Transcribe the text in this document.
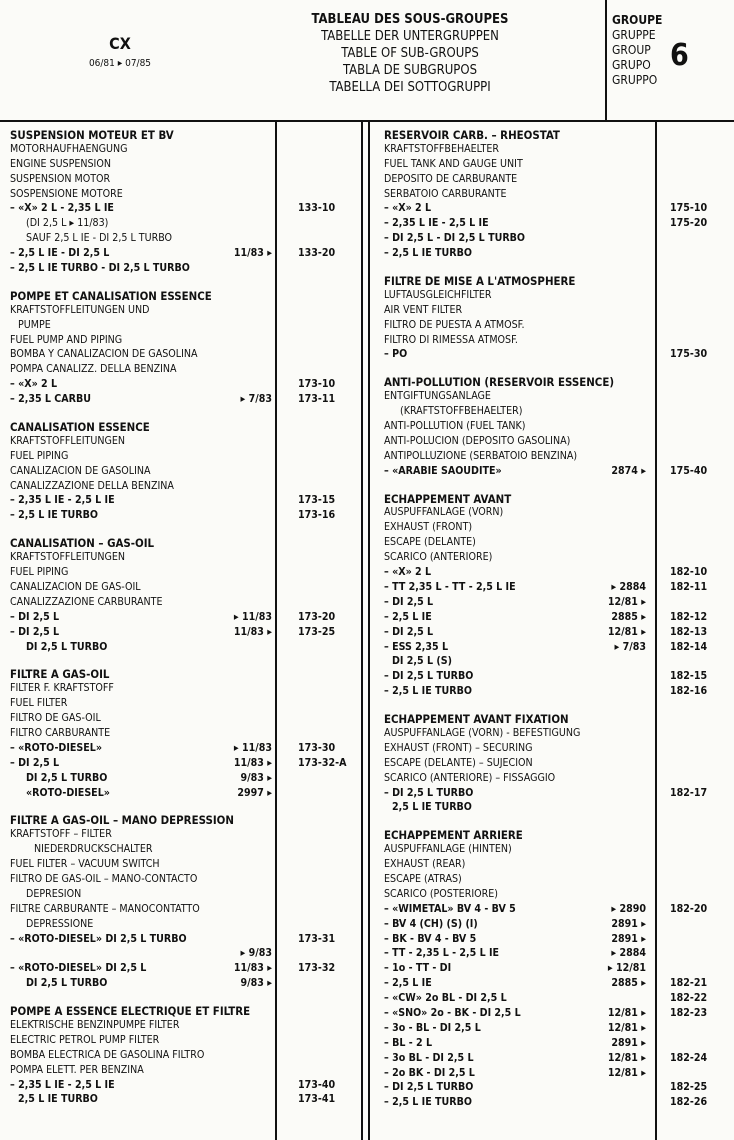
CX
06/81 ▸ 07/85
TABLEAU DES SOUS-GROUPES
TABELLE DER UNTERGRUPPEN
TABLE OF SUB-GROUPS
TABLA DE SUBGRUPOS
TABELLA DEI SOTTOGRUPPI
GROUPE
GRUPPE
GROUP
GRUPO
GRUPPO
6
SUSPENSION MOTEUR ET BV
MOTORHAUFHAENGUNG
ENGINE SUSPENSION
SUSPENSION MOTOR
SOSPENSIONE MOTORE
– «X» 2 L - 2,35 L IE	133-10
(DI 2,5 L ▸ 11/83)
SAUF 2,5 L IE - DI 2,5 L TURBO
– 2,5 L IE - DI 2,5 L	11/83 ▸ 133-20
– 2,5 L IE TURBO - DI 2,5 L TURBO
POMPE ET CANALISATION ESSENCE
KRAFTSTOFFLEITUNGEN UND
PUMPE
FUEL PUMP AND PIPING
BOMBA Y CANALIZACION DE GASOLINA
POMPA CANALIZZ. DELLA BENZINA
– «X» 2 L	173-10
– 2,35 L CARBU	▸ 7/83 173-11
CANALISATION ESSENCE
KRAFTSTOFFLEITUNGEN
FUEL PIPING
CANALIZACION DE GASOLINA
CANALIZZAZIONE DELLA BENZINA
– 2,35 L IE - 2,5 L IE	173-15
– 2,5 L IE TURBO	173-16
CANALISATION – GAS-OIL
KRAFTSTOFFLEITUNGEN
FUEL PIPING
CANALIZACION DE GAS-OIL
CANALIZZAZIONE CARBURANTE
– DI 2,5 L	▸ 11/83 173-20
– DI 2,5 L	11/83 ▸ 173-25
DI 2,5 L TURBO
FILTRE A GAS-OIL
FILTER F. KRAFTSTOFF
FUEL FILTER
FILTRO DE GAS-OIL
FILTRO CARBURANTE
– «ROTO-DIESEL»	▸ 11/83 173-30
– DI 2,5 L	11/83 ▸ 173-32-A
DI 2,5 L TURBO	9/83 ▸
«ROTO-DIESEL»	2997 ▸
FILTRE A GAS-OIL – MANO DEPRESSION
KRAFTSTOFF – FILTER
NIEDERDRUCKSCHALTER
FUEL FILTER – VACUUM SWITCH
FILTRO DE GAS-OIL – MANO-CONTACTO
DEPRESION
FILTRE CARBURANTE – MANOCONTATTO
DEPRESSIONE
– «ROTO-DIESEL» DI 2,5 L TURBO	173-31
▸ 9/83
– «ROTO-DIESEL» DI 2,5 L	11/83 ▸ 173-32
DI 2,5 L TURBO	9/83 ▸
POMPE A ESSENCE ELECTRIQUE ET FILTRE
ELEKTRISCHE BENZINPUMPE FILTER
ELECTRIC PETROL PUMP FILTER
BOMBA ELECTRICA DE GASOLINA FILTRO
POMPA ELETT. PER BENZINA
– 2,35 L IE - 2,5 L IE	173-40
2,5 L IE TURBO	173-41
RESERVOIR CARB. – RHEOSTAT
KRAFTSTOFFBEHAELTER
FUEL TANK AND GAUGE UNIT
DEPOSITO DE CARBURANTE
SERBATOIO CARBURANTE
– «X» 2 L	175-10
– 2,35 L IE - 2,5 L IE	175-20
– DI 2,5 L - DI 2,5 L TURBO
– 2,5 L IE TURBO
FILTRE DE MISE A L'ATMOSPHERE
LUFTAUSGLEICHFILTER
AIR VENT FILTER
FILTRO DE PUESTA A ATMOSF.
FILTRO DI RIMESSA ATMOSF.
– PO	175-30
ANTI-POLLUTION (RESERVOIR ESSENCE)
ENTGIFTUNGSANLAGE
(KRAFTSTOFFBEHAELTER)
ANTI-POLLUTION (FUEL TANK)
ANTI-POLUCION (DEPOSITO GASOLINA)
ANTIPOLLUZIONE (SERBATOIO BENZINA)
– «ARABIE SAOUDITE»	2874 ▸ 175-40
ECHAPPEMENT AVANT
AUSPUFFANLAGE (VORN)
EXHAUST (FRONT)
ESCAPE (DELANTE)
SCARICO (ANTERIORE)
– «X» 2 L	182-10
– TT 2,35 L - TT - 2,5 L IE	▸ 2884 182-11
– DI 2,5 L	12/81 ▸
– 2,5 L IE	2885 ▸ 182-12
– DI 2,5 L	12/81 ▸ 182-13
– ESS 2,35 L	▸ 7/83 182-14
DI 2,5 L (S)
– DI 2,5 L TURBO	182-15
– 2,5 L IE TURBO	182-16
ECHAPPEMENT AVANT FIXATION
AUSPUFFANLAGE (VORN) - BEFESTIGUNG
EXHAUST (FRONT) – SECURING
ESCAPE (DELANTE) – SUJECION
SCARICO (ANTERIORE) – FISSAGGIO
– DI 2,5 L TURBO	182-17
2,5 L IE TURBO
ECHAPPEMENT ARRIERE
AUSPUFFANLAGE (HINTEN)
EXHAUST (REAR)
ESCAPE (ATRAS)
SCARICO (POSTERIORE)
– «WIMETAL» BV 4 - BV 5	▸ 2890 182-20
– BV 4 (CH) (S) (I)	2891 ▸
– BK - BV 4 - BV 5	2891 ▸
– TT - 2,35 L - 2,5 L IE	▸ 2884
– 1o - TT - DI	▸ 12/81
– 2,5 L IE	2885 ▸ 182-21
– «CW» 2o BL - DI 2,5 L	182-22
– «SNO» 2o - BK - DI 2,5 L	12/81 ▸ 182-23
– 3o - BL - DI 2,5 L	12/81 ▸
– BL - 2 L	2891 ▸
– 3o BL - DI 2,5 L	12/81 ▸ 182-24
– 2o BK - DI 2,5 L	12/81 ▸
– DI 2,5 L TURBO	182-25
– 2,5 L IE TURBO	182-26
